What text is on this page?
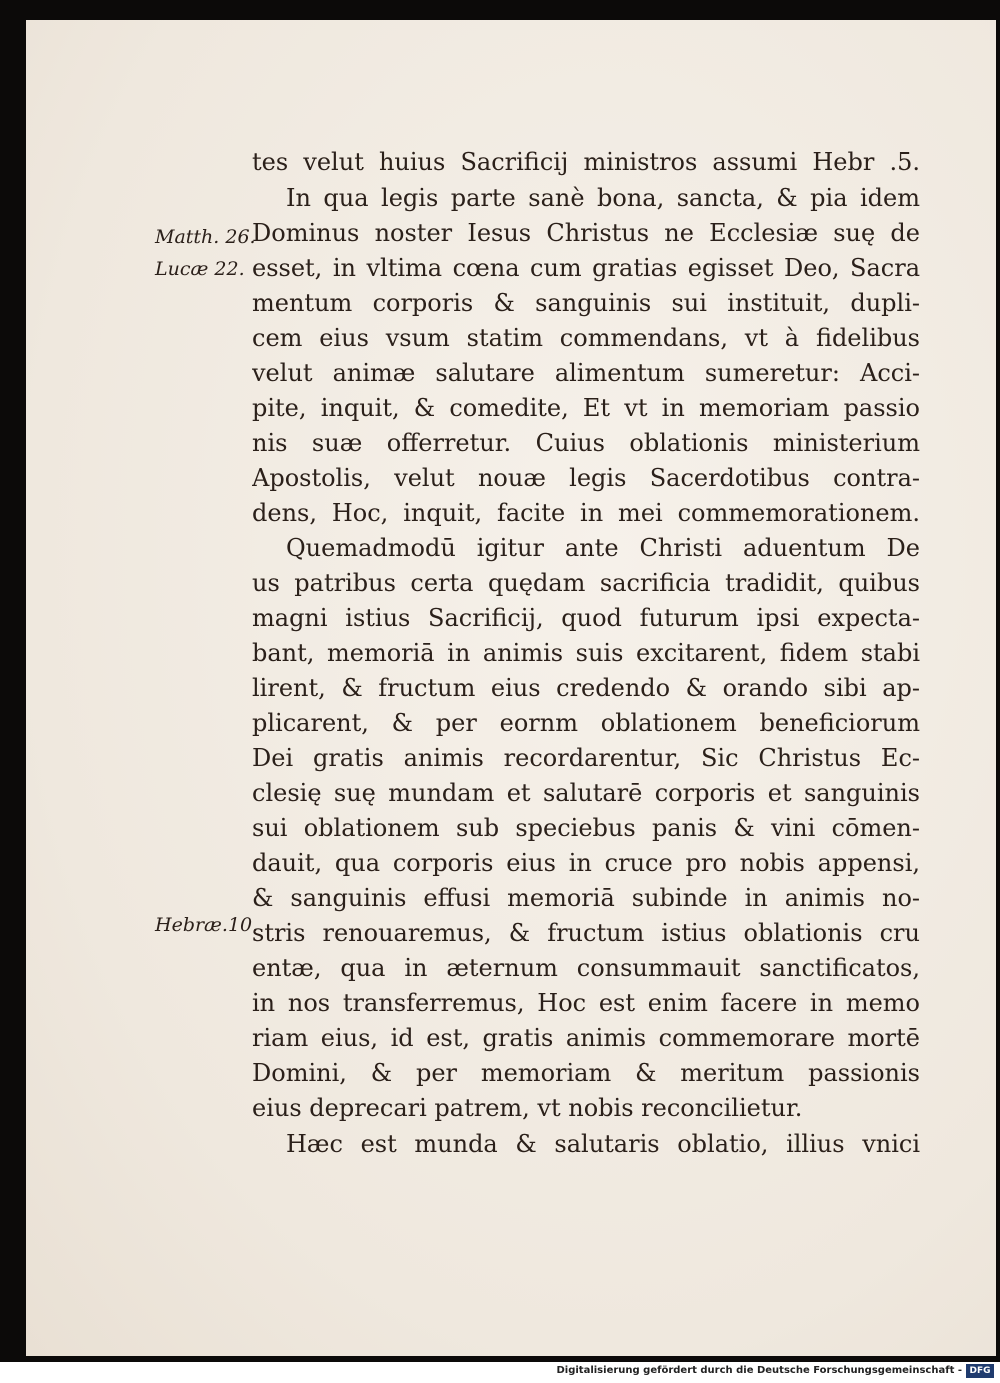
Matth. 26.
Lucæ 22.
Hebræ.10.
tes velut huius Sacrificij ministros assumi Hebr .5.
In qua legis parte sanè bona, sancta, & pia idem
Dominus noster Iesus Christus ne Ecclesiæ suę de
esset, in vltima cœna cum gratias egisset Deo, Sacra
mentum corporis & sanguinis sui instituit, dupli-
cem eius vsum statim commendans, vt à fidelibus
velut animæ salutare alimentum sumeretur: Acci-
pite, inquit, & comedite, Et vt in memoriam passio
nis suæ offerretur. Cuius oblationis ministerium
Apostolis, velut nouæ legis Sacerdotibus contra-
dens, Hoc, inquit, facite in mei commemorationem.
Quemadmodū igitur ante Christi aduentum De
us patribus certa quędam sacrificia tradidit, quibus
magni istius Sacrificij, quod futurum ipsi expecta-
bant, memoriā in animis suis excitarent, fidem stabi
lirent, & fructum eius credendo & orando sibi ap-
plicarent, & per eornm oblationem beneficiorum
Dei gratis animis recordarentur, Sic Christus Ec-
clesię suę mundam et salutarē corporis et sanguinis
sui oblationem sub speciebus panis & vini cōmen-
dauit, qua corporis eius in cruce pro nobis appensi,
& sanguinis effusi memoriā subinde in animis no-
stris renouaremus, & fructum istius oblationis cru
entæ, qua in æternum consummauit sanctificatos,
in nos transferremus, Hoc est enim facere in memo
riam eius, id est, gratis animis commemorare mortē
Domini, & per memoriam & meritum passionis
eius deprecari patrem, vt nobis reconcilietur.
Hæc est munda & salutaris oblatio, illius vnici
Digitalisierung gefördert durch die Deutsche Forschungsgemeinschaft - DFG
